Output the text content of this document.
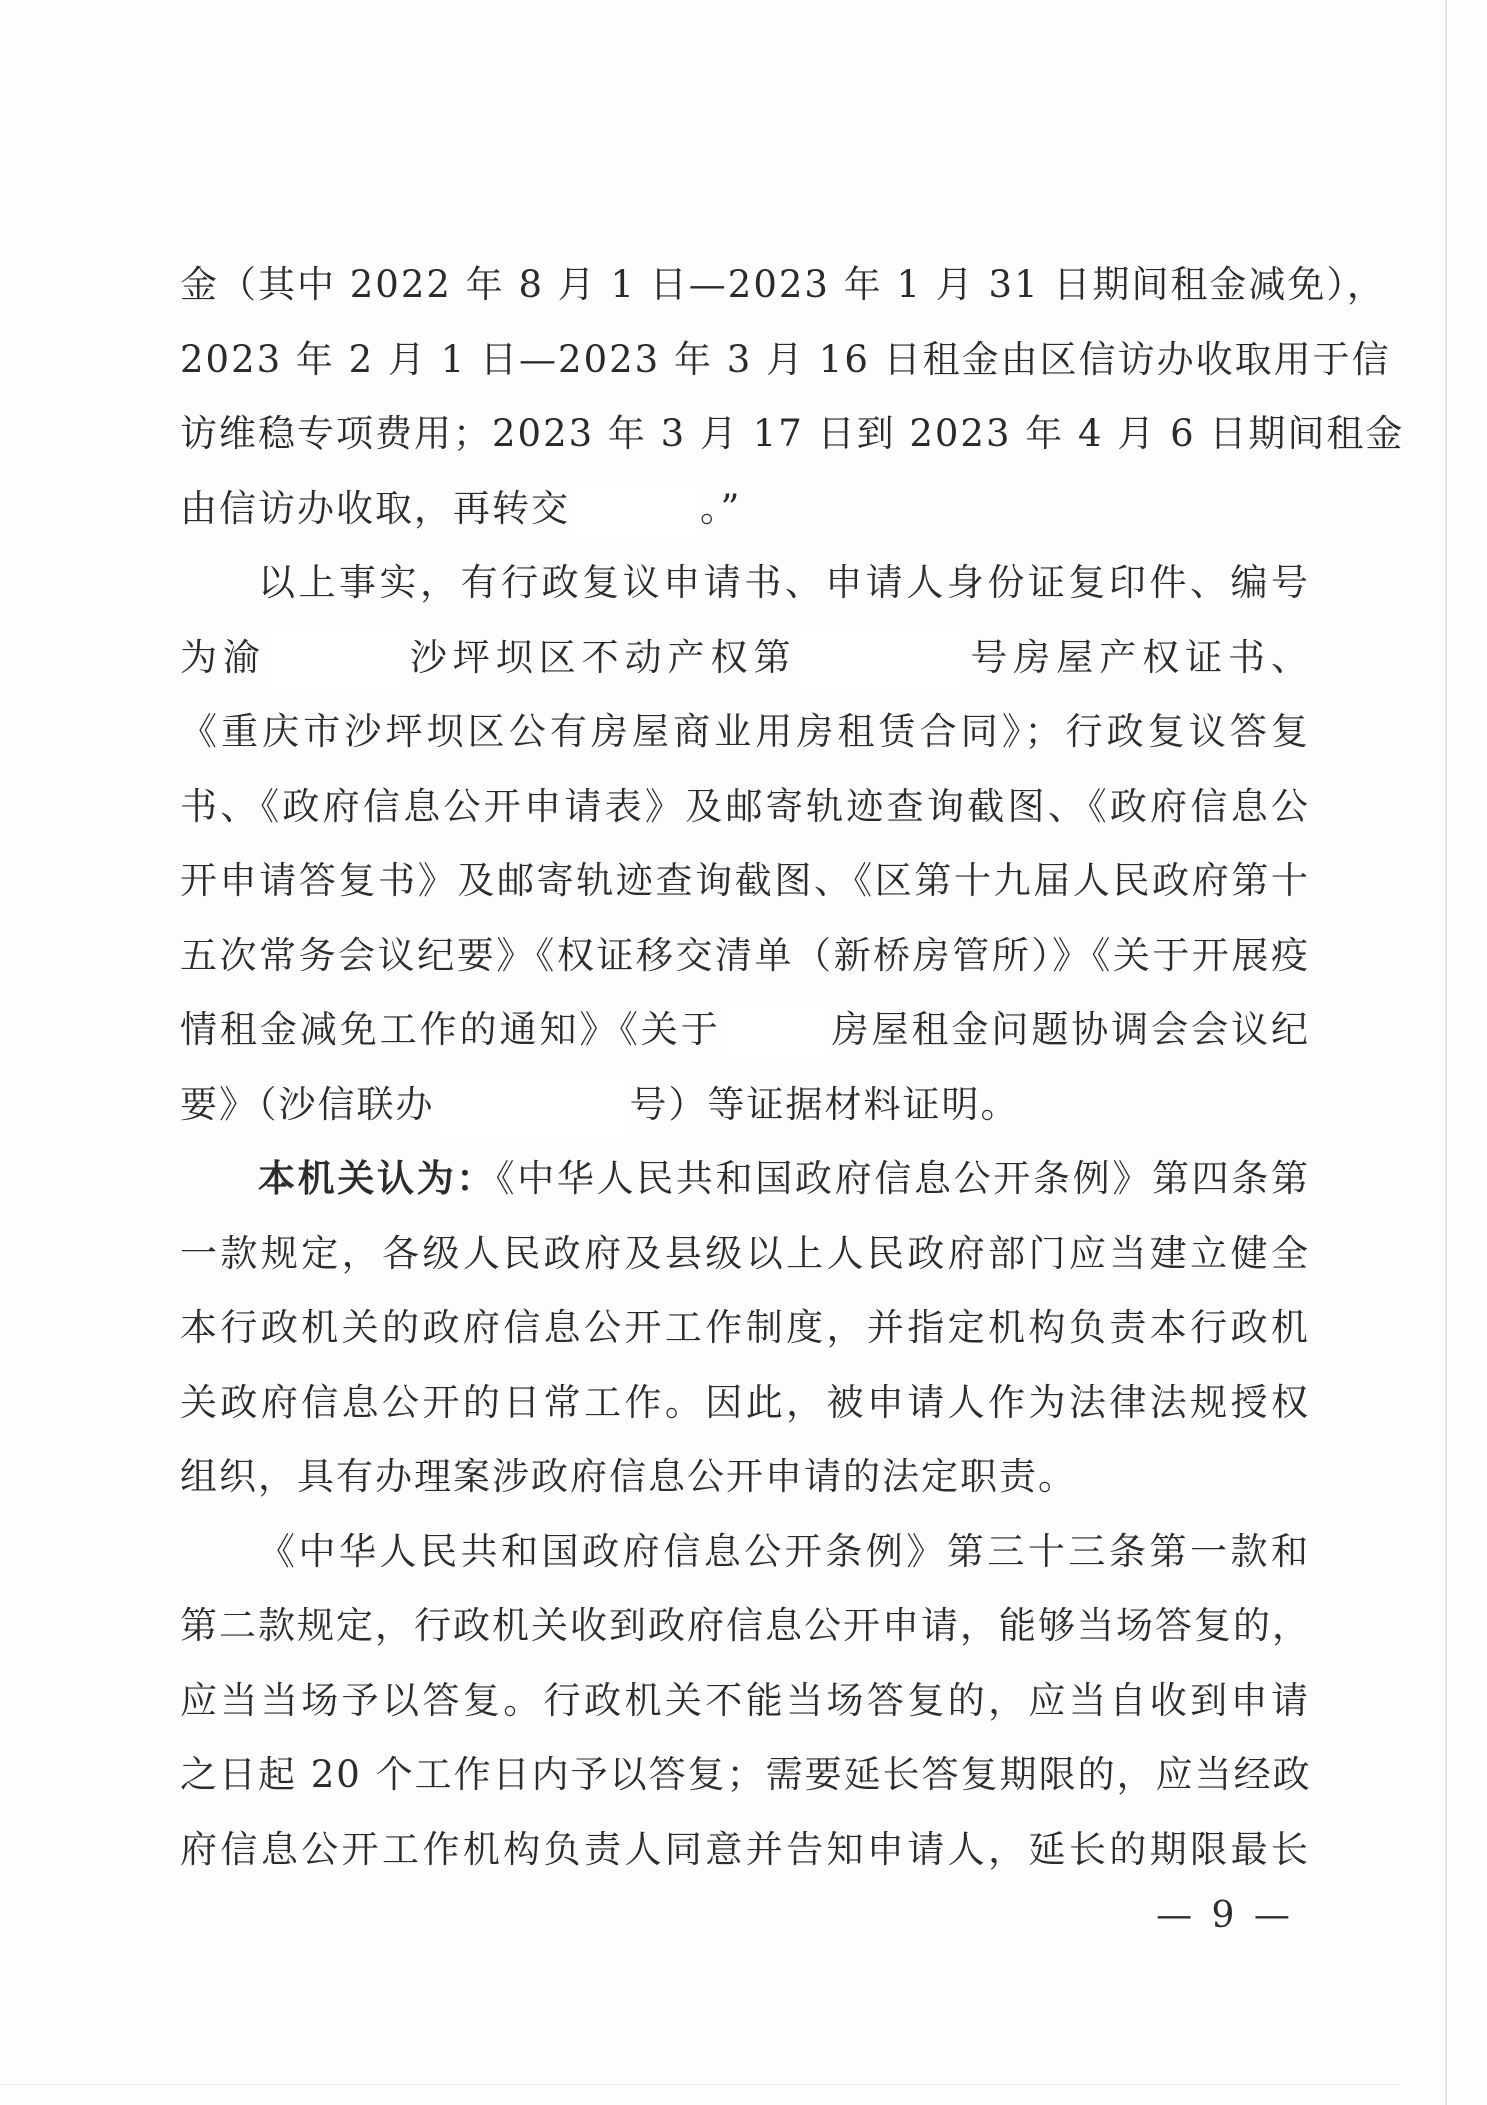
金（其中 2022 年 8 月 1 日—2023 年 1 月 31 日期间租金减免），
2023 年 2 月 1 日—2023 年 3 月 16 日租金由区信访办收取用于信
访维稳专项费用；2023 年 3 月 17 日到 2023 年 4 月 6 日期间租金
由信访办收取，再转交	。”
以上事实，有行政复议申请书、申请人身份证复印件、编号
为渝	沙坪坝区不动产权第	号房屋产权证书、
《重庆市沙坪坝区公有房屋商业用房租赁合同》；行政复议答复
书、《政府信息公开申请表》及邮寄轨迹查询截图、《政府信息公
开申请答复书》及邮寄轨迹查询截图、《区第十九届人民政府第十
五次常务会议纪要》《权证移交清单（新桥房管所）》《关于开展疫
情租金减免工作的通知》《关于	房屋租金问题协调会会议纪
要》（沙信联办	号）等证据材料证明。
本机关认为：《中华人民共和国政府信息公开条例》第四条第
一款规定，各级人民政府及县级以上人民政府部门应当建立健全
本行政机关的政府信息公开工作制度，并指定机构负责本行政机
关政府信息公开的日常工作。因此，被申请人作为法律法规授权
组织，具有办理案涉政府信息公开申请的法定职责。
《中华人民共和国政府信息公开条例》第三十三条第一款和
第二款规定，行政机关收到政府信息公开申请，能够当场答复的，
应当当场予以答复。行政机关不能当场答复的，应当自收到申请
之日起 20 个工作日内予以答复；需要延长答复期限的，应当经政
府信息公开工作机构负责人同意并告知申请人，延长的期限最长
— 9 —
